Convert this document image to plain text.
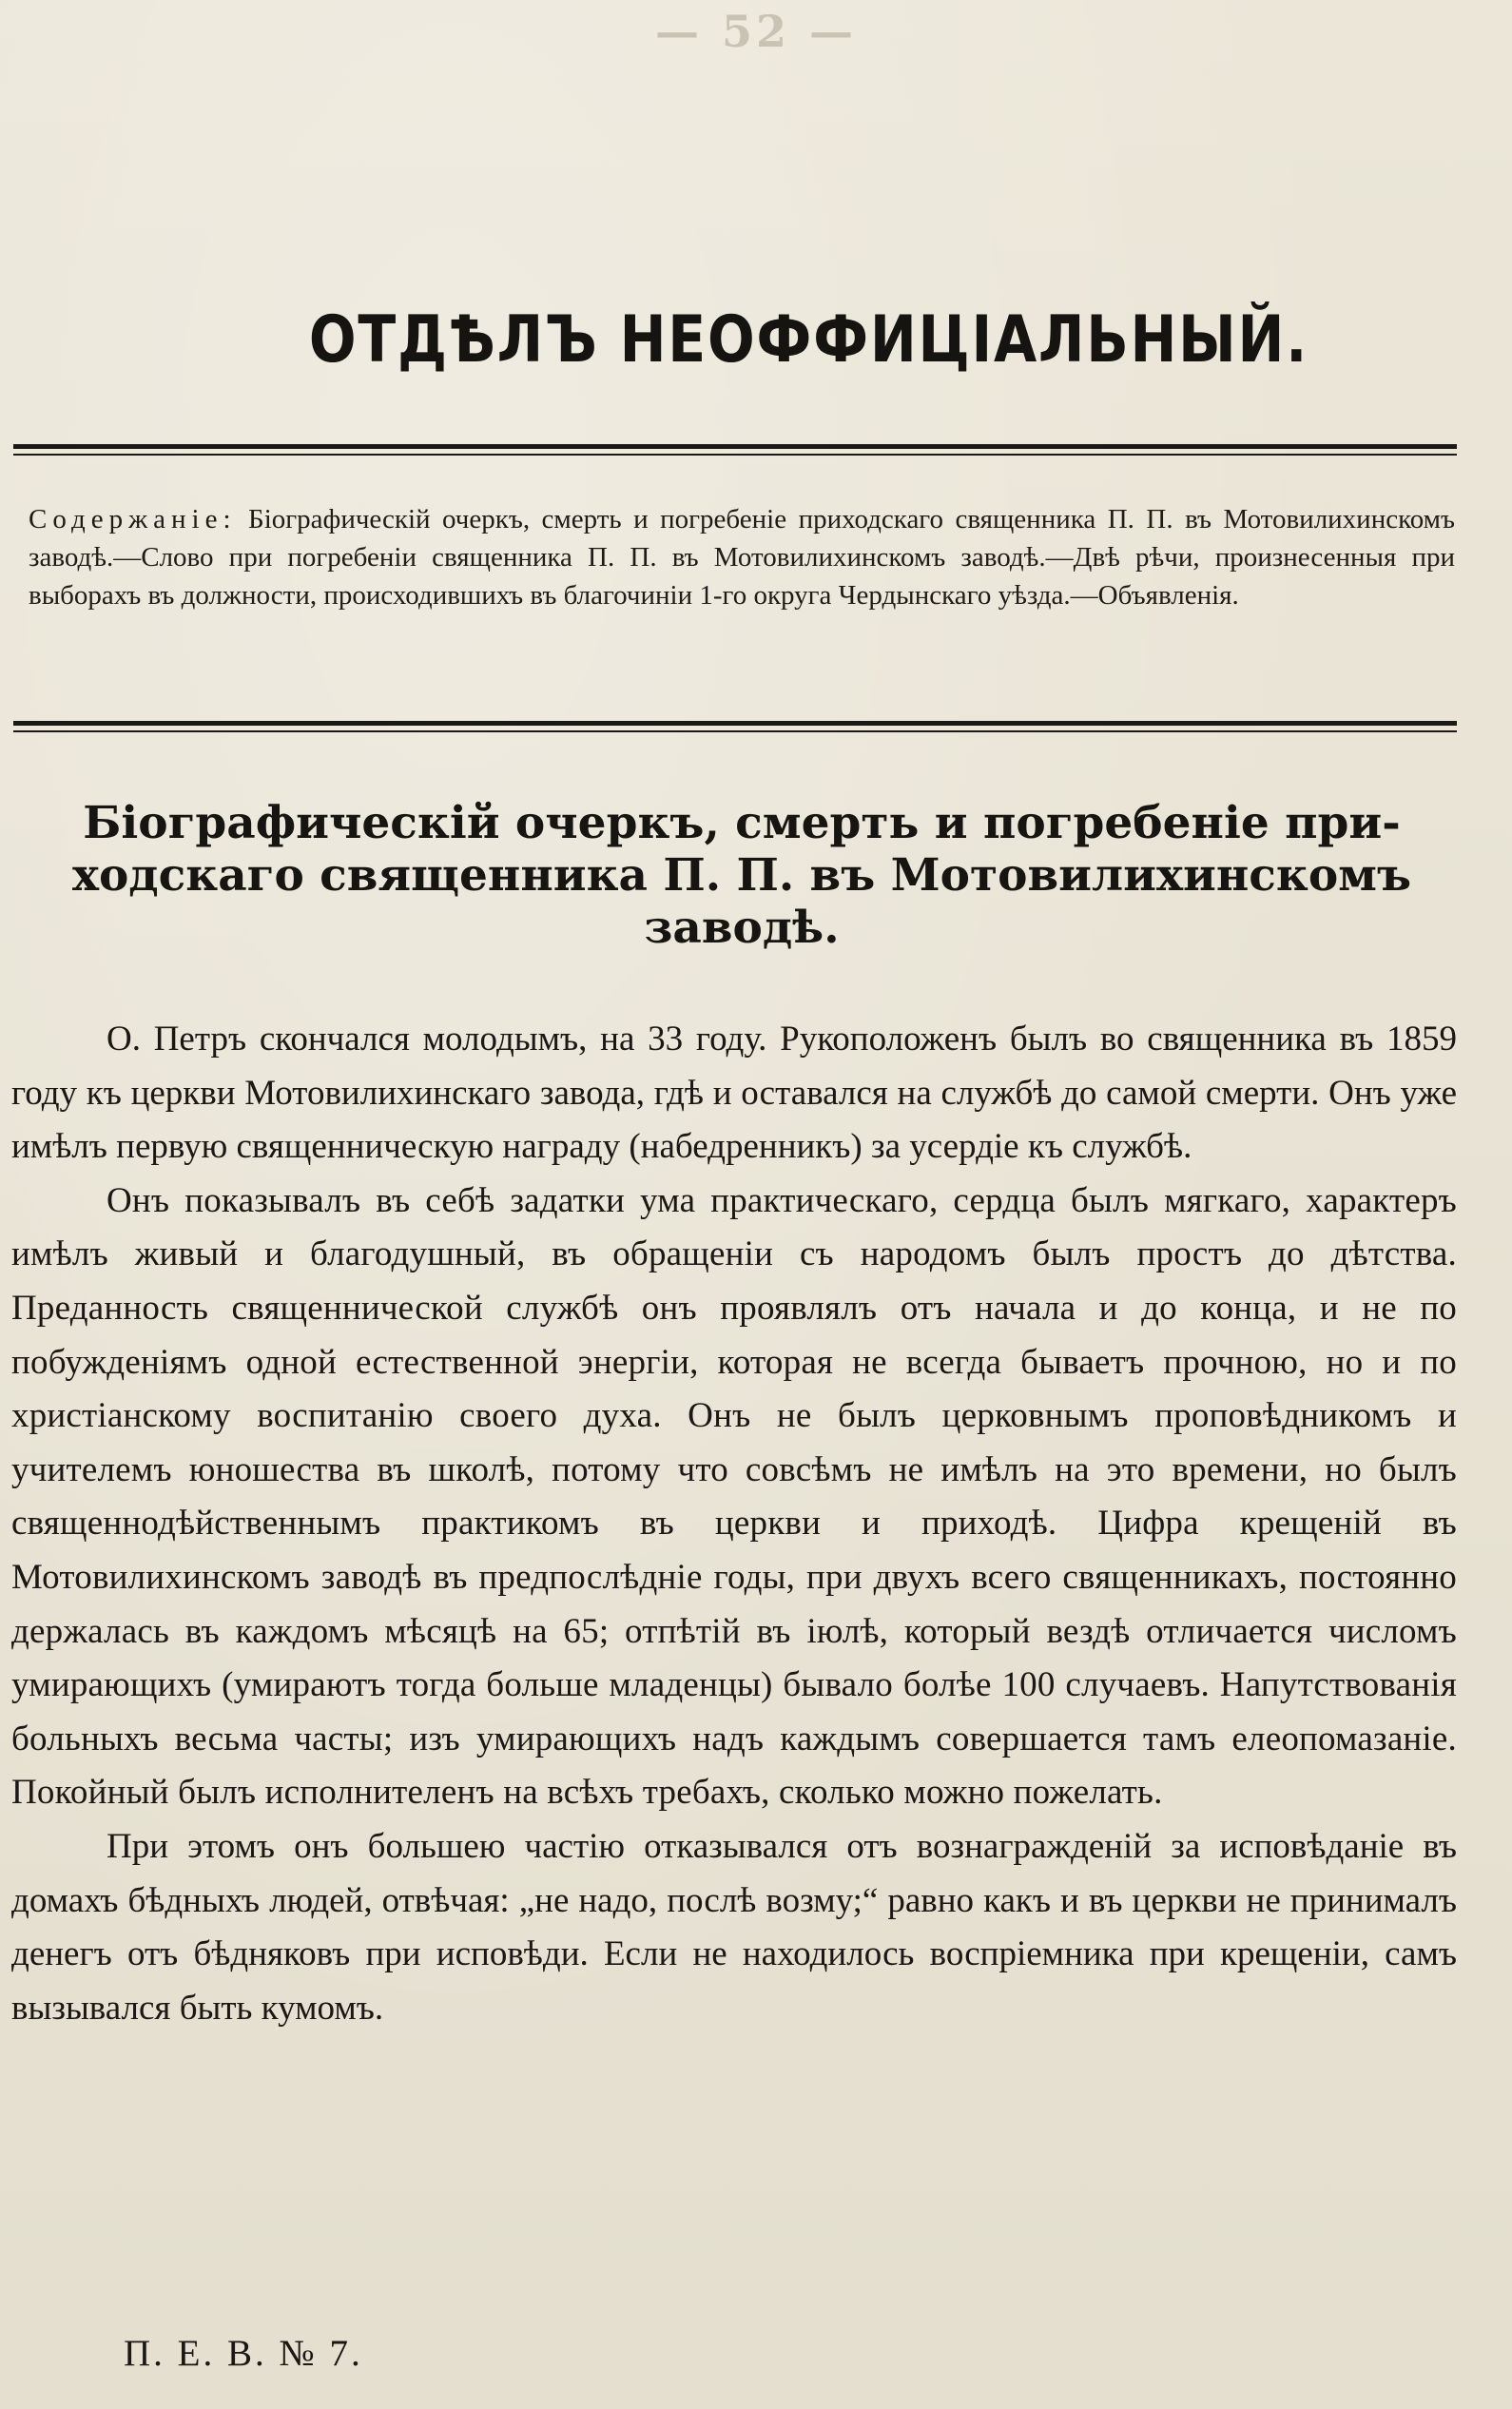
— 52 —
ОТДѢЛЪ НЕОФФИЦІАЛЬНЫЙ.
Содержаніе: Біографическій очеркъ, смерть и погребеніе приходскаго священника П. П. въ Мотовилихинскомъ заводѣ.—Слово при погребеніи священника П. П. въ Мотовилихинскомъ заводѣ.—Двѣ рѣчи, произнесенныя при выборахъ въ должности, происходившихъ въ благочиніи 1-го округа Чердынскаго уѣзда.—Объявленія.
Біографическій очеркъ, смерть и погребеніе при-
ходскаго священника П. П. въ Мотовилихинскомъ
заводѣ.

О. Петръ скончался молодымъ, на 33 году. Рукоположенъ былъ во священника въ 1859 году къ церкви Мотовилихинскаго завода, гдѣ и оставался на службѣ до самой смерти. Онъ уже имѣлъ первую священническую награду (набедренникъ) за усердіе къ службѣ.

Онъ показывалъ въ себѣ задатки ума практическаго, сердца былъ мягкаго, характеръ имѣлъ живый и благодушный, въ обращеніи съ народомъ былъ простъ до дѣтства. Преданность священнической службѣ онъ проявлялъ отъ начала и до конца, и не по побужденіямъ одной естественной энергіи, которая не всегда бываетъ прочною, но и по христіанскому воспитанію своего духа. Онъ не былъ церковнымъ проповѣдникомъ и учителемъ юношества въ школѣ, потому что совсѣмъ не имѣлъ на это времени, но былъ священнодѣйственнымъ практикомъ въ церкви и приходѣ. Цифра крещеній въ Мотовилихинскомъ заводѣ въ предпослѣдніе годы, при двухъ всего священникахъ, постоянно держалась въ каждомъ мѣсяцѣ на 65; отпѣтій въ іюлѣ, который вездѣ отличается числомъ умирающихъ (умираютъ тогда больше младенцы) бывало болѣе 100 случаевъ. Напутствованія больныхъ весьма часты; изъ умирающихъ надъ каждымъ совершается тамъ елеопомазаніе. Покойный былъ исполнителенъ на всѣхъ требахъ, сколько можно пожелать.

При этомъ онъ большею частію отказывался отъ вознагражденій за исповѣданіе въ домахъ бѣдныхъ людей, отвѣчая: „не надо, послѣ возму;“ равно какъ и въ церкви не принималъ денегъ отъ бѣдняковъ при исповѣди. Если не находилось воспріемника при крещеніи, самъ вызывался быть кумомъ.

П. Е. В. № 7.
